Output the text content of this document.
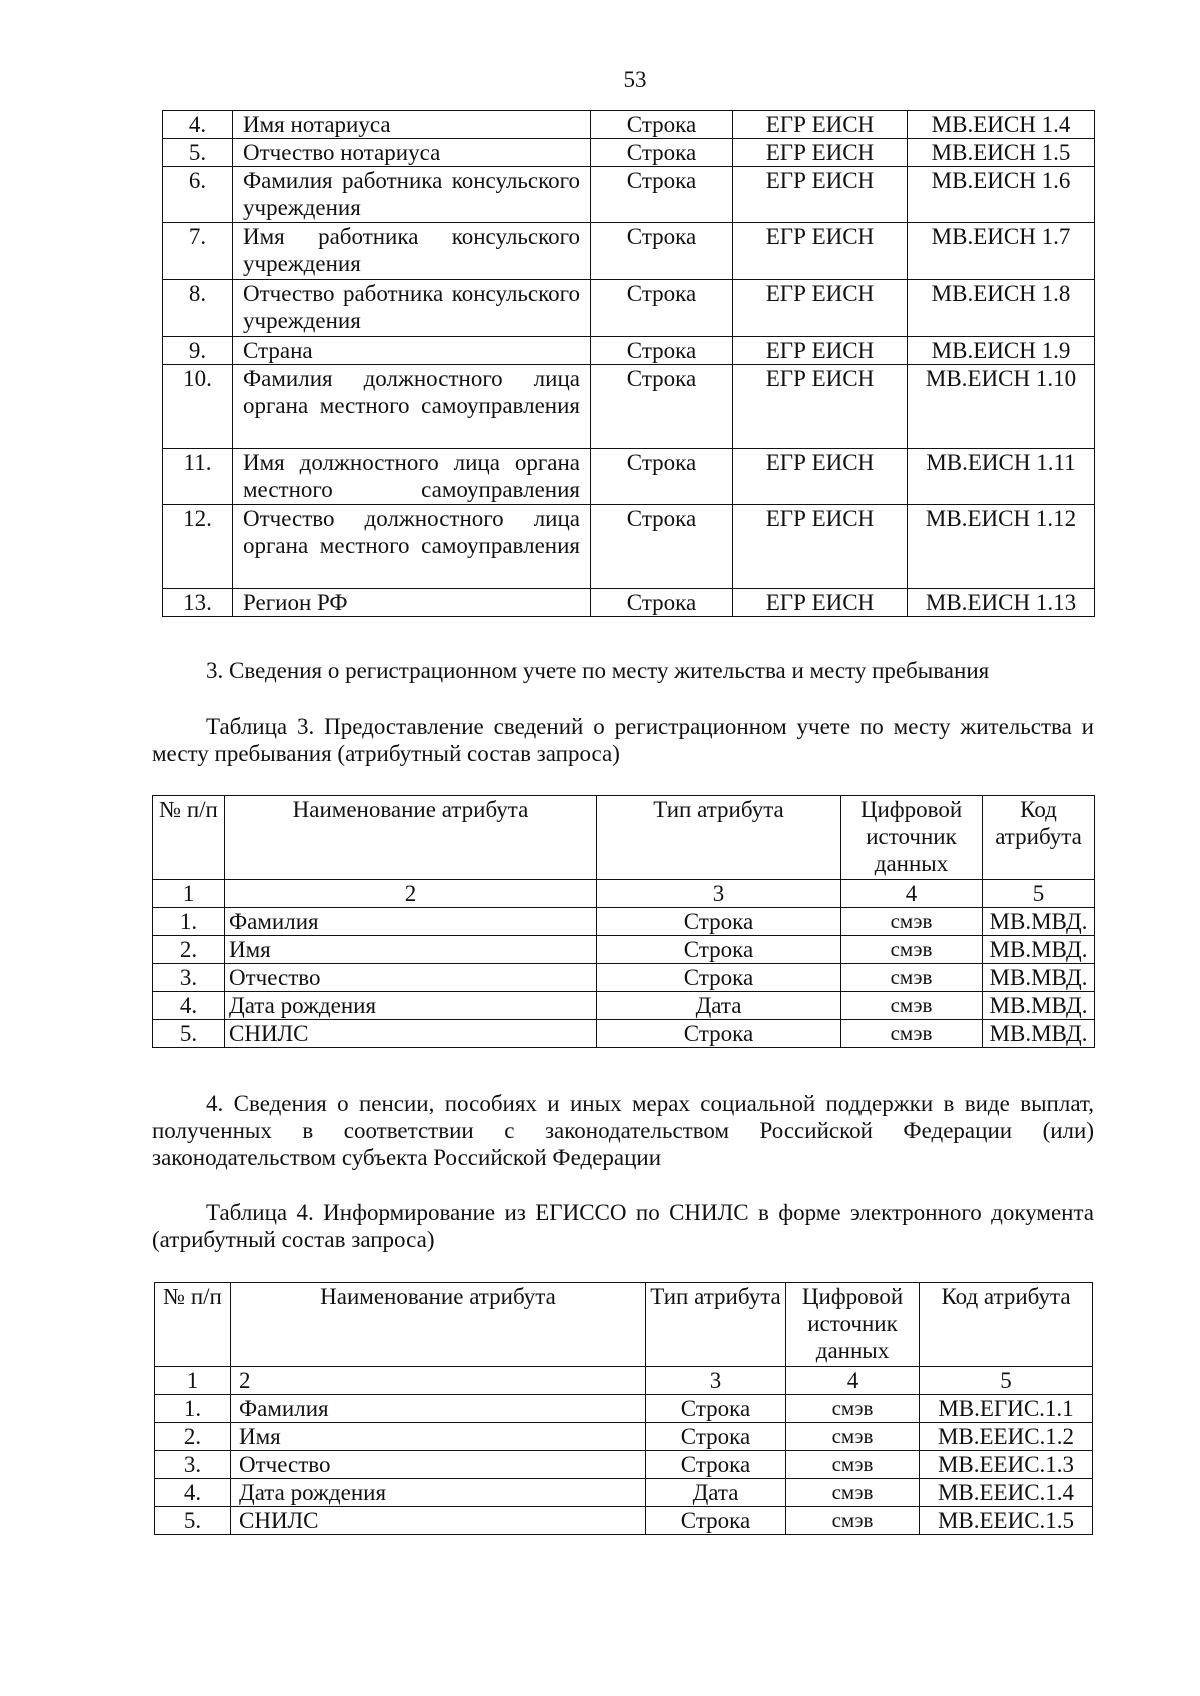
53
4.	Имя нотариуса	Строка	ЕГР ЕИСН	МВ.ЕИСН 1.4
5.	Отчество нотариуса	Строка	ЕГР ЕИСН	МВ.ЕИСН 1.5
6.	Фамилия работника консульского учреждения	Строка	ЕГР ЕИСН	МВ.ЕИСН 1.6
7.	Имя работника консульского учреждения	Строка	ЕГР ЕИСН	МВ.ЕИСН 1.7
8.	Отчество работника консульского учреждения	Строка	ЕГР ЕИСН	МВ.ЕИСН 1.8
9.	Страна	Строка	ЕГР ЕИСН	МВ.ЕИСН 1.9
10.	Фамилия должностного лица органа местного самоуправления	Строка	ЕГР ЕИСН	МВ.ЕИСН 1.10
11.	Имя должностного лица органа местного самоуправления	Строка	ЕГР ЕИСН	МВ.ЕИСН 1.11
12.	Отчество должностного лица органа местного самоуправления	Строка	ЕГР ЕИСН	МВ.ЕИСН 1.12
13.	Регион РФ	Строка	ЕГР ЕИСН	МВ.ЕИСН 1.13
3. Сведения о регистрационном учете по месту жительства и месту пребывания
Таблица 3. Предоставление сведений о регистрационном учете по месту жительства и месту пребывания (атрибутный состав запроса)
№ п/п	Наименование атрибута	Тип атрибута	Цифровой источник данных	Код атрибута
1	2	3	4	5
1.	Фамилия	Строка	смэв	МВ.МВД.
2.	Имя	Строка	смэв	МВ.МВД.
3.	Отчество	Строка	смэв	МВ.МВД.
4.	Дата рождения	Дата	смэв	МВ.МВД.
5.	СНИЛС	Строка	смэв	МВ.МВД.
4. Сведения о пенсии, пособиях и иных мерах социальной поддержки в виде выплат, полученных в соответствии с законодательством Российской Федерации (или) законодательством субъекта Российской Федерации
Таблица 4. Информирование из ЕГИССО по СНИЛС в форме электронного документа (атрибутный состав запроса)
№ п/п	Наименование атрибута	Тип атрибута	Цифровой источник данных	Код атрибута
1	2	3	4	5
1.	Фамилия	Строка	смэв	МВ.ЕГИС.1.1
2.	Имя	Строка	смэв	МВ.ЕЕИС.1.2
3.	Отчество	Строка	смэв	МВ.ЕЕИС.1.3
4.	Дата рождения	Дата	смэв	МВ.ЕЕИС.1.4
5.	СНИЛС	Строка	смэв	МВ.ЕЕИС.1.5
